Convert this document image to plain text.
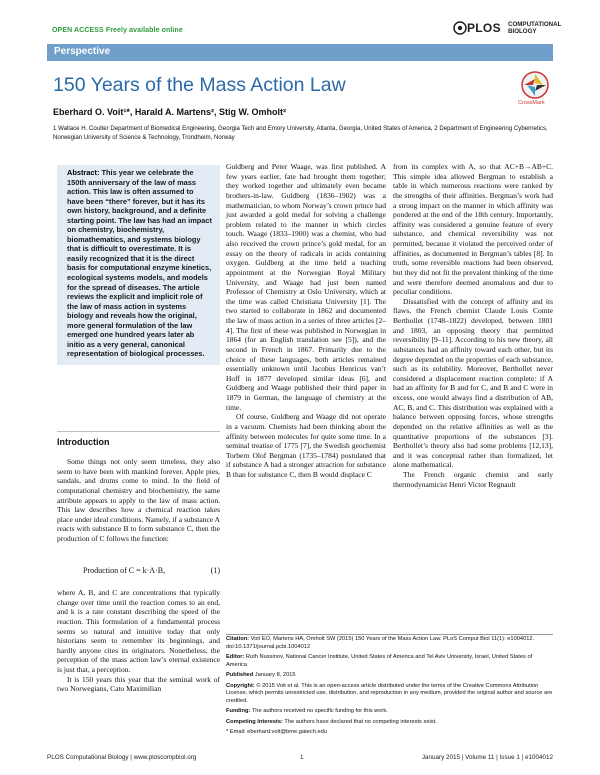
OPEN ACCESS Freely available online	PLOS COMPUTATIONAL BIOLOGY
Perspective
150 Years of the Mass Action Law
CrossMark
Eberhard O. Voit¹*, Harald A. Martens², Stig W. Omholt²
1 Wallace H. Coulter Department of Biomedical Engineering, Georgia Tech and Emory University, Atlanta, Georgia, United States of America, 2 Department of Engineering Cybernetics, Norwegian University of Science & Technology, Trondheim, Norway
Abstract: This year we celebrate the 150th anniversary of the law of mass action. This law is often assumed to have been “there” forever, but it has its own history, background, and a definite starting point. The law has had an impact on chemistry, biochemistry, biomathematics, and systems biology that is difficult to overestimate. It is easily recognized that it is the direct basis for computational enzyme kinetics, ecological systems models, and models for the spread of diseases. The article reviews the explicit and implicit role of the law of mass action in systems biology and reveals how the original, more general formulation of the law emerged one hundred years later ab initio as a very general, canonical representation of biological processes.
Introduction

Some things not only seem timeless, they also seem to have been with mankind forever. Apple pies, sandals, and drums come to mind. In the field of computational chemistry and biochemistry, the same attribute appears to apply to the law of mass action. This law describes how a chemical reaction takes place under ideal conditions. Namely, if a substance A reacts with substance B to form substance C, then the production of C follows the function:

Production of C = k·A·B,	(1)

where A, B, and C are concentrations that typically change over time until the reaction comes to an end, and k is a rate constant describing the speed of the reaction. This formulation of a fundamental process seems so natural and intuitive today that only historians seem to remember its beginnings, and hardly anyone cites its originators. Nonetheless, the perception of the mass action law’s eternal existence is just that, a perception.

It is 150 years this year that the seminal work of two Norwegians, Cato Maximilian

Guldberg and Peter Waage, was first published. A few years earlier, fate had brought them together; they worked together and ultimately even became brothers-in-law. Guldberg (1836–1902) was a mathematician, to whom Norway’s crown prince had just awarded a gold medal for solving a challenge problem related to the manner in which circles touch. Waage (1833–1900) was a chemist, who had also received the crown prince’s gold medal, for an essay on the theory of radicals in acids containing oxygen. Guldberg at the time held a teaching appointment at the Norwegian Royal Military University, and Waage had just been named Professor of Chemistry at Oslo University, which at the time was called Christiana University [1]. The two started to collaborate in 1862 and documented the law of mass action in a series of three articles [2–4]. The first of these was published in Norwegian in 1864 (for an English translation see [5]), and the second in French in 1867. Primarily due to the choice of these languages, both articles remained essentially unknown until Jacobus Henricus van’t Hoff in 1877 developed similar ideas [6], and Guldberg and Waage published their third paper in 1879 in German, the language of chemistry at the time.

Of course, Guldberg and Waage did not operate in a vacuum. Chemists had been thinking about the affinity between molecules for quite some time. In a seminal treatise of 1775 [7], the Swedish geochemist Torbern Olof Bergman (1735–1784) postulated that if substance A had a stronger attraction for substance B than for substance C, then B would displace C

from its complex with A, so that AC+B→AB+C. This simple idea allowed Bergman to establish a table in which numerous reactions were ranked by the strengths of their affinities. Bergman’s work had a strong impact on the manner in which affinity was pondered at the end of the 18th century. Importantly, affinity was considered a genuine feature of every substance, and chemical reversibility was not permitted, because it violated the perceived order of affinities, as documented in Bergman’s tables [8]. In truth, some reversible reactions had been observed, but they did not fit the prevalent thinking of the time and were therefore deemed anomalous and due to peculiar conditions.

Dissatisfied with the concept of affinity and its flaws, the French chemist Claude Louis Comte Berthollet (1748–1822) developed, between 1801 and 1803, an opposing theory that permitted reversibility [9–11]. According to his new theory, all substances had an affinity toward each other, but its degree depended on the properties of each substance, such as its solubility. Moreover, Berthollet never considered a displacement reaction complete: if A had an affinity for B and for C, and B and C were in excess, one would always find a distribution of AB, AC, B, and C. This distribution was explained with a balance between opposing forces, whose strengths depended on the relative affinities as well as the quantitative proportions of the substances [3]. Berthollet’s theory also had some problems [12,13], and it was conceptual rather than formalized, let alone mathematical.

The French organic chemist and early thermodynamicist Henri Victor Regnault

Citation: Voit EO, Martens HA, Omholt SW (2015) 150 Years of the Mass Action Law. PLoS Comput Biol 11(1): e1004012. doi:10.1371/journal.pcbi.1004012

Editor: Ruth Nussinov, National Cancer Institute, United States of America and Tel Aviv University, Israel, United States of America

Published January 8, 2015

Copyright: © 2015 Voit et al. This is an open-access article distributed under the terms of the Creative Commons Attribution License, which permits unrestricted use, distribution, and reproduction in any medium, provided the original author and source are credited.

Funding: The authors received no specific funding for this work.

Competing Interests: The authors have declared that no competing interests exist.

* Email: eberhard.voit@bme.gatech.edu

PLOS Computational Biology | www.ploscompbiol.org	1	January 2015 | Volume 11 | Issue 1 | e1004012
